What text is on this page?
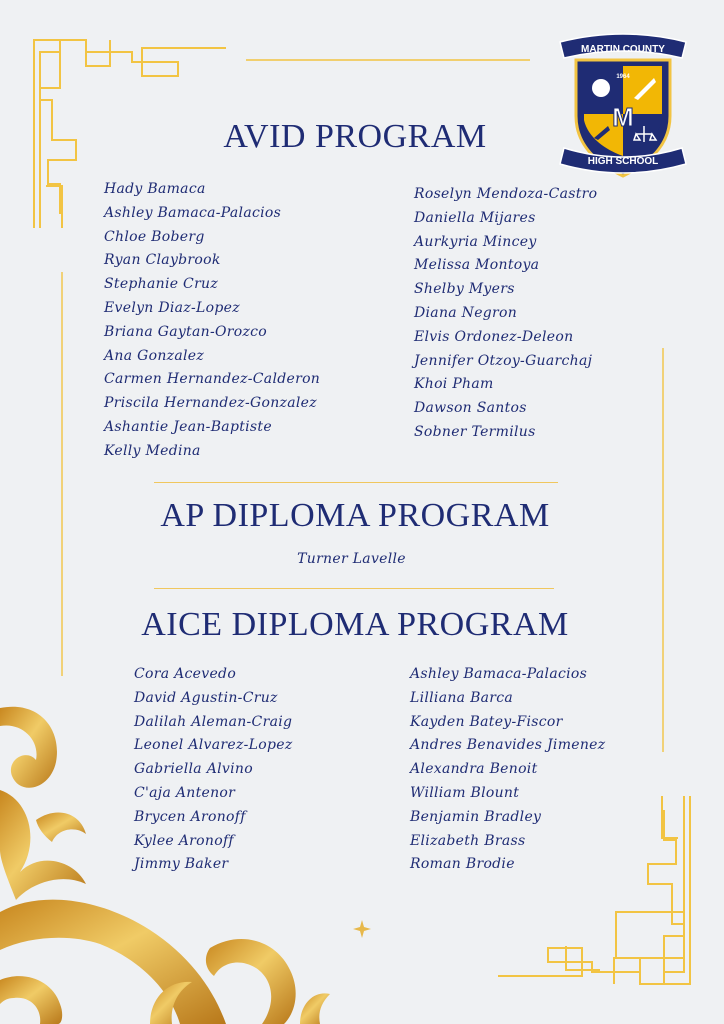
MARTIN COUNTY
HIGH SCHOOL
M
1964
AVID PROGRAM
Hady Bamaca
Ashley Bamaca-Palacios
Chloe Boberg
Ryan Claybrook
Stephanie Cruz
Evelyn Diaz-Lopez
Briana Gaytan-Orozco
Ana Gonzalez
Carmen Hernandez-Calderon
Priscila Hernandez-Gonzalez
Ashantie Jean-Baptiste
Kelly Medina
Roselyn Mendoza-Castro
Daniella Mijares
Aurkyria Mincey
Melissa Montoya
Shelby Myers
Diana Negron
Elvis Ordonez-Deleon
Jennifer Otzoy-Guarchaj
Khoi Pham
Dawson Santos
Sobner Termilus
AP DIPLOMA PROGRAM
Turner Lavelle
AICE DIPLOMA PROGRAM
Cora Acevedo
David Agustin-Cruz
Dalilah Aleman-Craig
Leonel Alvarez-Lopez
Gabriella Alvino
C'aja Antenor
Brycen Aronoff
Kylee Aronoff
Jimmy Baker
Ashley Bamaca-Palacios
Lilliana Barca
Kayden Batey-Fiscor
Andres Benavides Jimenez
Alexandra Benoit
William Blount
Benjamin Bradley
Elizabeth Brass
Roman Brodie
